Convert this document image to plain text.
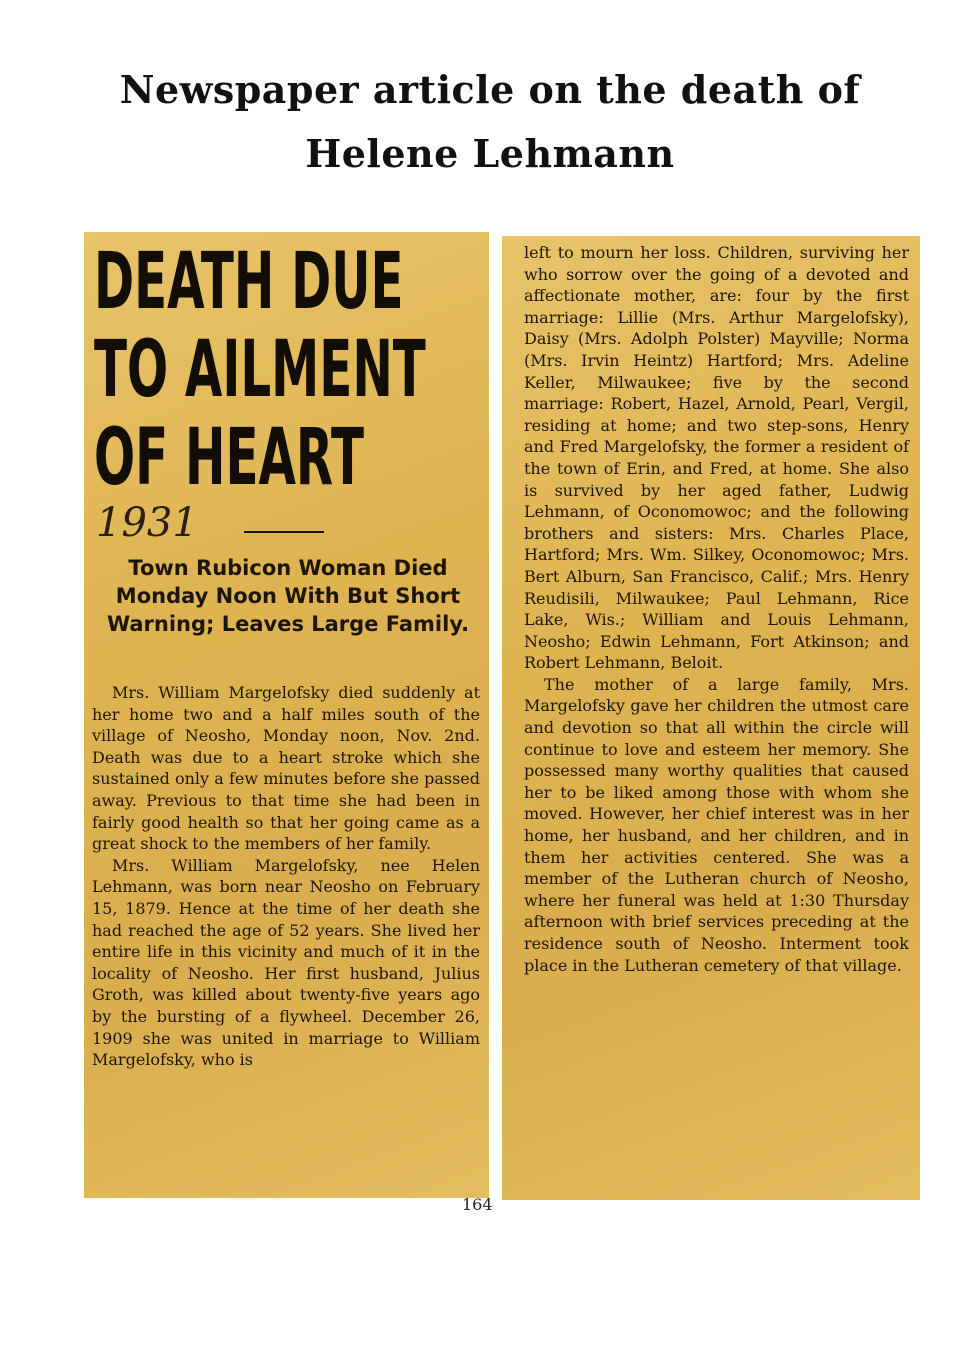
Newspaper article on the death of
Helene Lehmann
DEATH DUE
TO AILMENT
OF HEART
1931
Town Rubicon Woman Died Monday Noon With But Short Warning; Leaves Large Family.

Mrs. William Margelofsky died suddenly at her home two and a half miles south of the village of Neosho, Monday noon, Nov. 2nd. Death was due to a heart stroke which she sustained only a few minutes before she passed away. Previous to that time she had been in fairly good health so that her going came as a great shock to the members of her family.

Mrs. William Margelofsky, nee Helen Lehmann, was born near Neosho on February 15, 1879. Hence at the time of her death she had reached the age of 52 years. She lived her entire life in this vicinity and much of it in the locality of Neosho. Her first husband, Julius Groth, was killed about twenty-five years ago by the bursting of a flywheel. December 26, 1909 she was united in marriage to William Margelofsky, who is

left to mourn her loss. Children, surviving her who sorrow over the going of a devoted and affectionate mother, are: four by the first marriage: Lillie (Mrs. Arthur Margelofsky), Daisy (Mrs. Adolph Polster) Mayville; Norma (Mrs. Irvin Heintz) Hartford; Mrs. Adeline Keller, Milwaukee; five by the second marriage: Robert, Hazel, Arnold, Pearl, Vergil, residing at home; and two step-sons, Henry and Fred Margelofsky, the former a resident of the town of Erin, and Fred, at home. She also is survived by her aged father, Ludwig Lehmann, of Oconomowoc; and the following brothers and sisters: Mrs. Charles Place, Hartford; Mrs. Wm. Silkey, Oconomowoc; Mrs. Bert Alburn, San Francisco, Calif.; Mrs. Henry Reudisili, Milwaukee; Paul Lehmann, Rice Lake, Wis.; William and Louis Lehmann, Neosho; Edwin Lehmann, Fort Atkinson; and Robert Lehmann, Beloit.

The mother of a large family, Mrs. Margelofsky gave her children the utmost care and devotion so that all within the circle will continue to love and esteem her memory. She possessed many worthy qualities that caused her to be liked among those with whom she moved. However, her chief interest was in her home, her husband, and her children, and in them her activities centered. She was a member of the Lutheran church of Neosho, where her funeral was held at 1:30 Thursday afternoon with brief services preceding at the residence south of Neosho. Interment took place in the Lutheran cemetery of that village.

164
